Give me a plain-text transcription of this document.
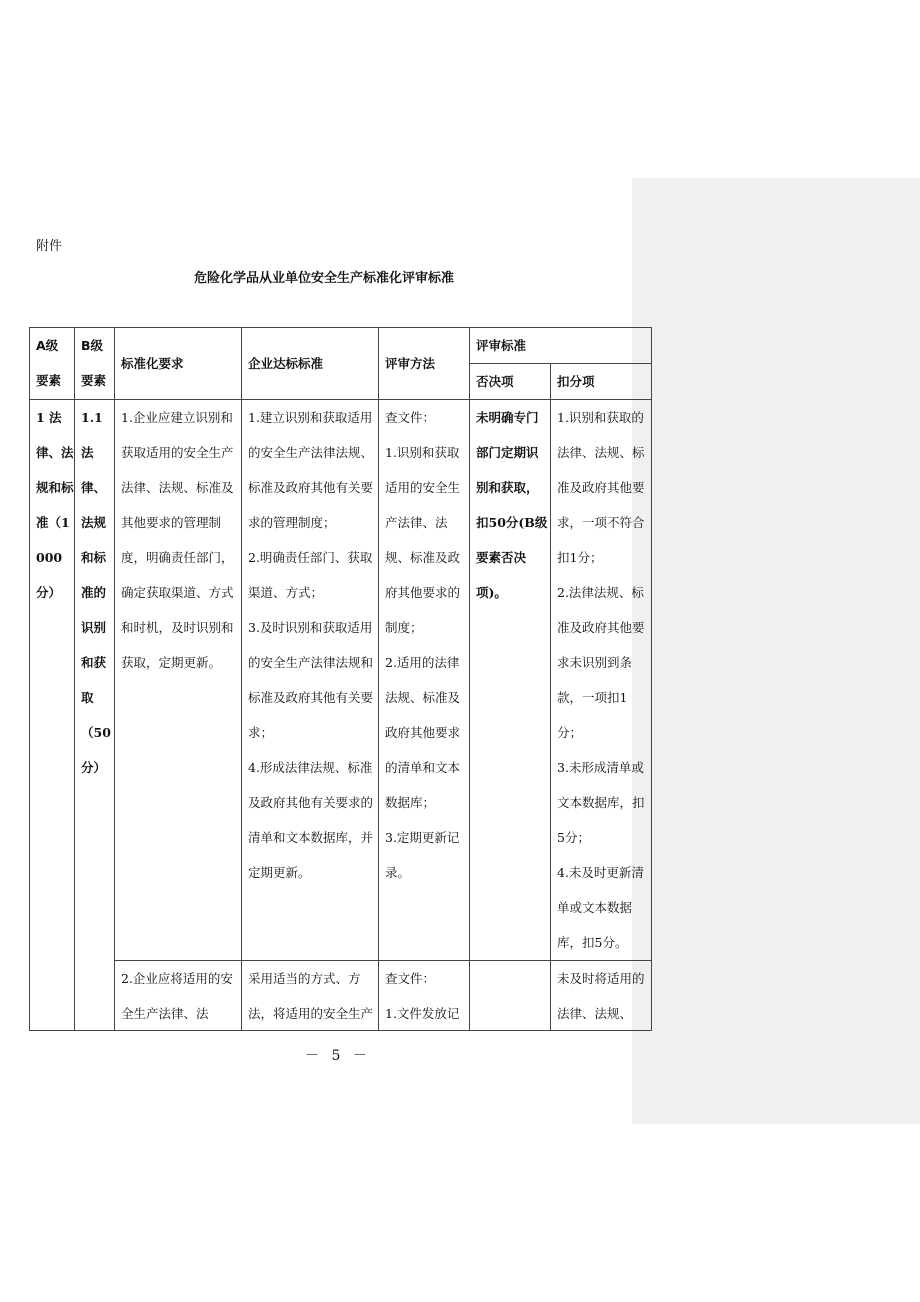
附件
危险化学品从业单位安全生产标准化评审标准
A级
要素	B级
要素	标准化要求	企业达标标准	评审方法	评审标准	
					否决项	扣分项
1 法律、法规和标准（1000分）	1.1 法律、法规和标准的识别和获取（50分）	1.企业应建立识别和获取适用的安全生产法律、法规、标准及其他要求的管理制度，明确责任部门，确定获取渠道、方式和时机，及时识别和获取，定期更新。	1.建立识别和获取适用的安全生产法律法规、标准及政府其他有关要求的管理制度；
2.明确责任部门、获取渠道、方式；
3.及时识别和获取适用的安全生产法律法规和标准及政府其他有关要求；
4.形成法律法规、标准及政府其他有关要求的清单和文本数据库，并定期更新。	查文件：
1.识别和获取适用的安全生产法律、法规、标准及政府其他要求的制度；
2.适用的法律法规、标准及政府其他要求的清单和文本数据库；
3.定期更新记录。	未明确专门部门定期识别和获取，扣50分(B级要素否决项)。	1.识别和获取的法律、法规、标准及政府其他要求，一项不符合扣1分；
2.法律法规、标准及政府其他要求未识别到条款，一项扣1分；
3.未形成清单或文本数据库，扣5分；
4.未及时更新清单或文本数据库，扣5分。

		2.企业应将适用的安全生产法律、法	采用适当的方式、方法，将适用的安全生产	查文件：
1.文件发放记		未及时将适用的法律、法规、
－ 5 －
